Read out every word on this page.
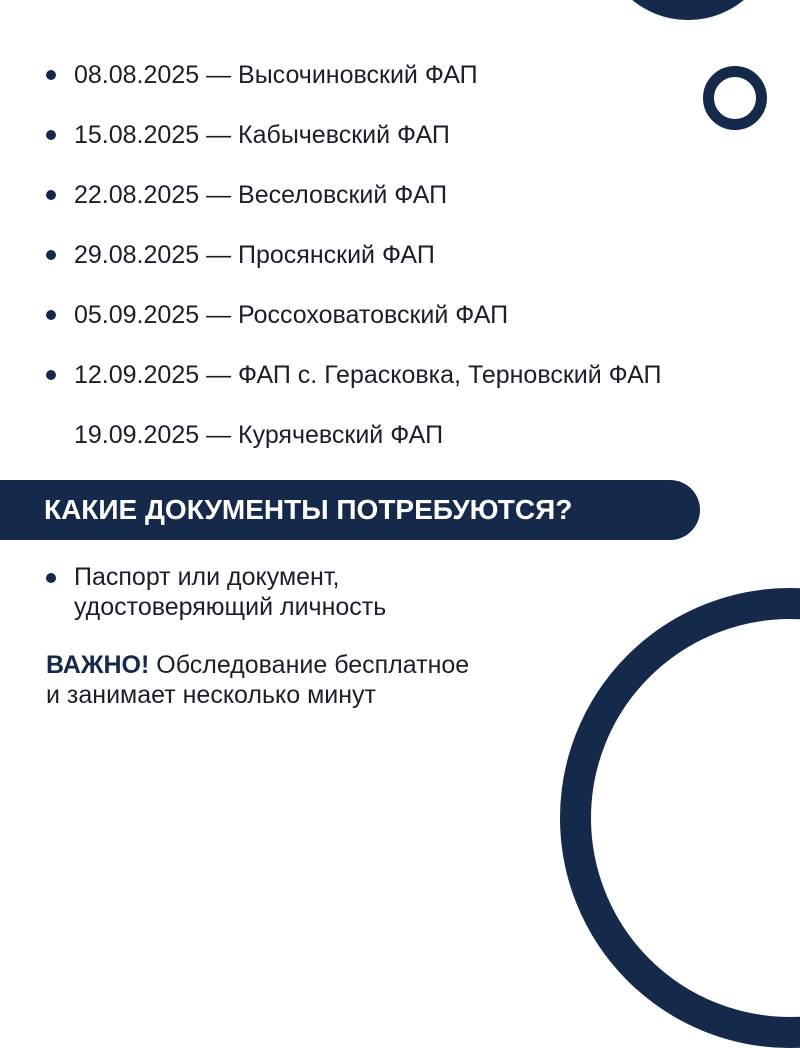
08.08.2025 — Высочиновский ФАП
15.08.2025 — Кабычевский ФАП
22.08.2025 — Веселовский ФАП
29.08.2025 — Просянский ФАП
05.09.2025 — Россоховатовский ФАП
12.09.2025 — ФАП с. Герасковка, Терновский ФАП
19.09.2025 — Курячевский ФАП
КАКИЕ ДОКУМЕНТЫ ПОТРЕБУЮТСЯ?
Паспорт или документ,
удостоверяющий личность
ВАЖНО! Обследование бесплатное
и занимает несколько минут
